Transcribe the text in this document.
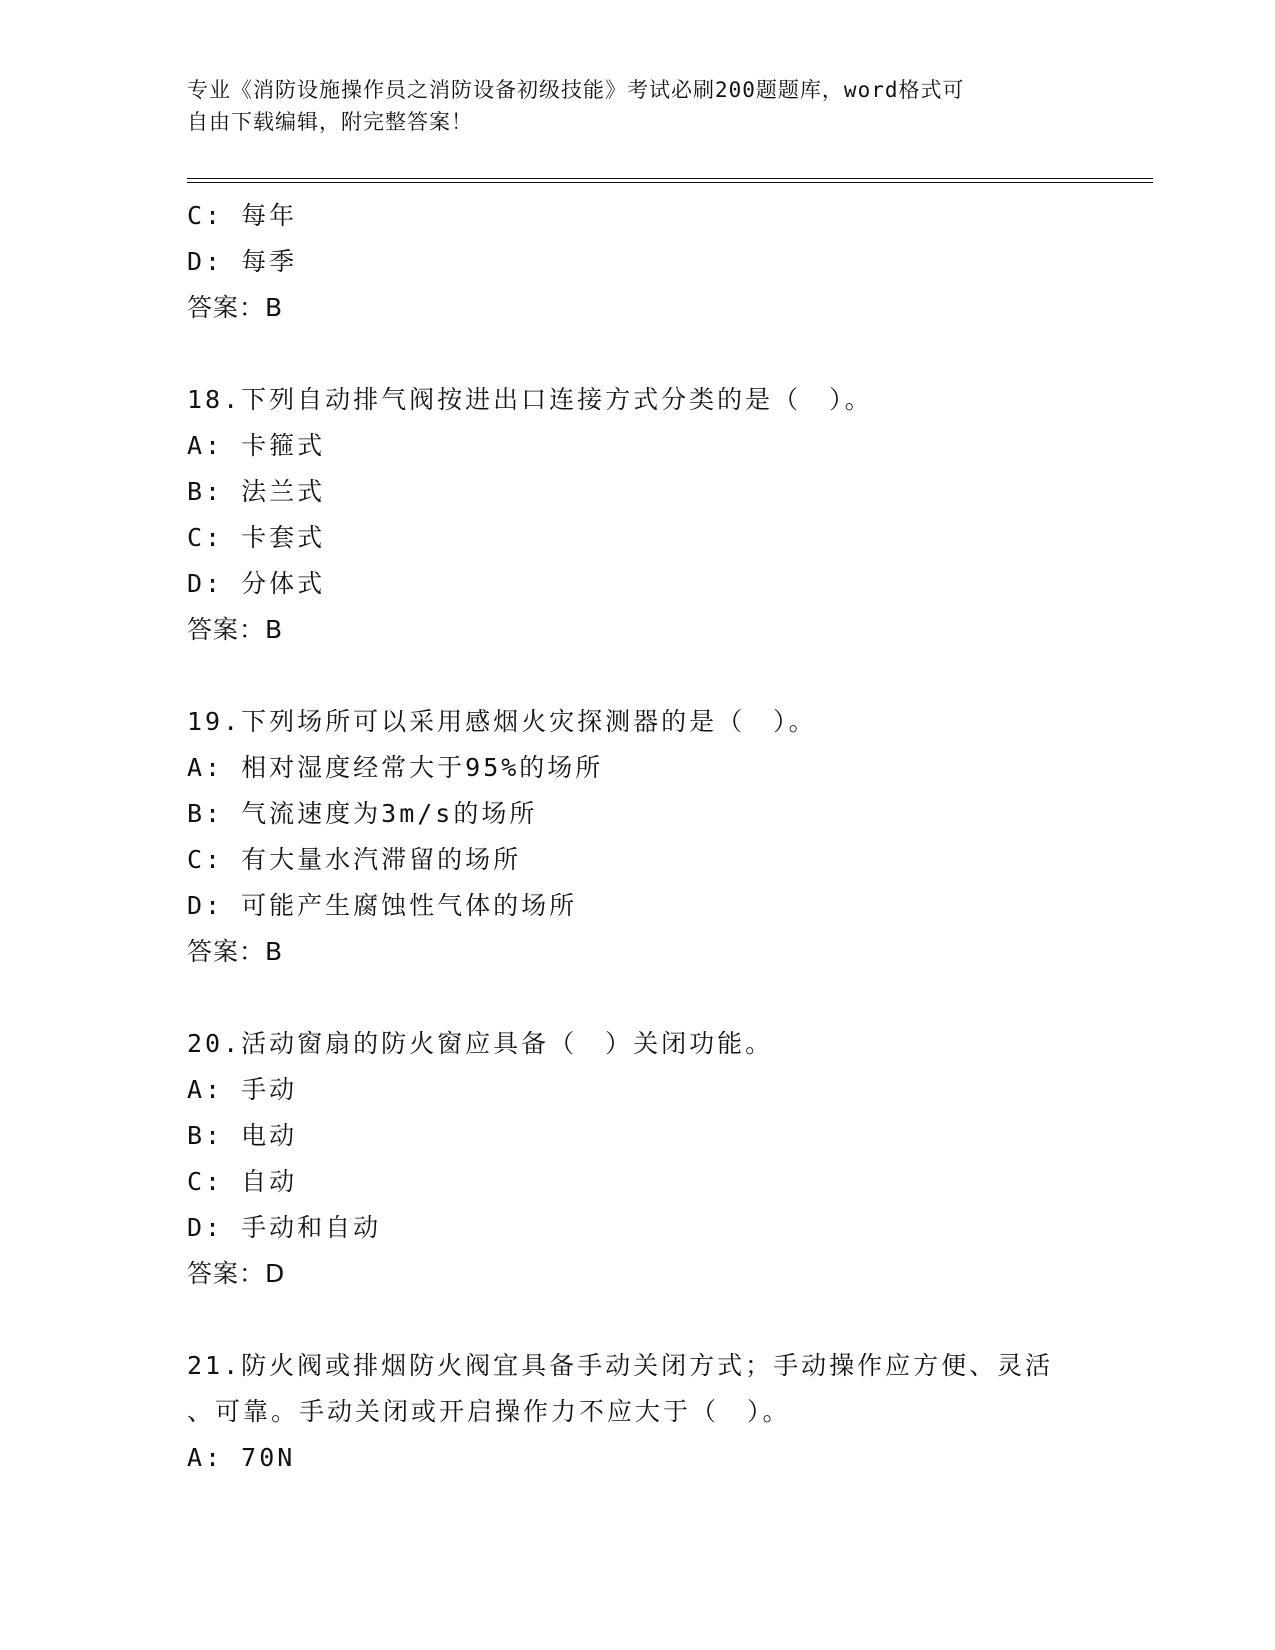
专业《消防设施操作员之消防设备初级技能》考试必刷200题题库，word格式可
自由下载编辑，附完整答案！
C: 每年
D: 每季
答案：B
18.下列自动排气阀按进出口连接方式分类的是（　）。
A: 卡箍式
B: 法兰式
C: 卡套式
D: 分体式
答案：B
19.下列场所可以采用感烟火灾探测器的是（　）。
A: 相对湿度经常大于95%的场所
B: 气流速度为3m/s的场所
C: 有大量水汽滞留的场所
D: 可能产生腐蚀性气体的场所
答案：B
20.活动窗扇的防火窗应具备（　）关闭功能。
A: 手动
B: 电动
C: 自动
D: 手动和自动
答案：D
21.防火阀或排烟防火阀宜具备手动关闭方式；手动操作应方便、灵活
、可靠。手动关闭或开启操作力不应大于（　）。
A: 70N
